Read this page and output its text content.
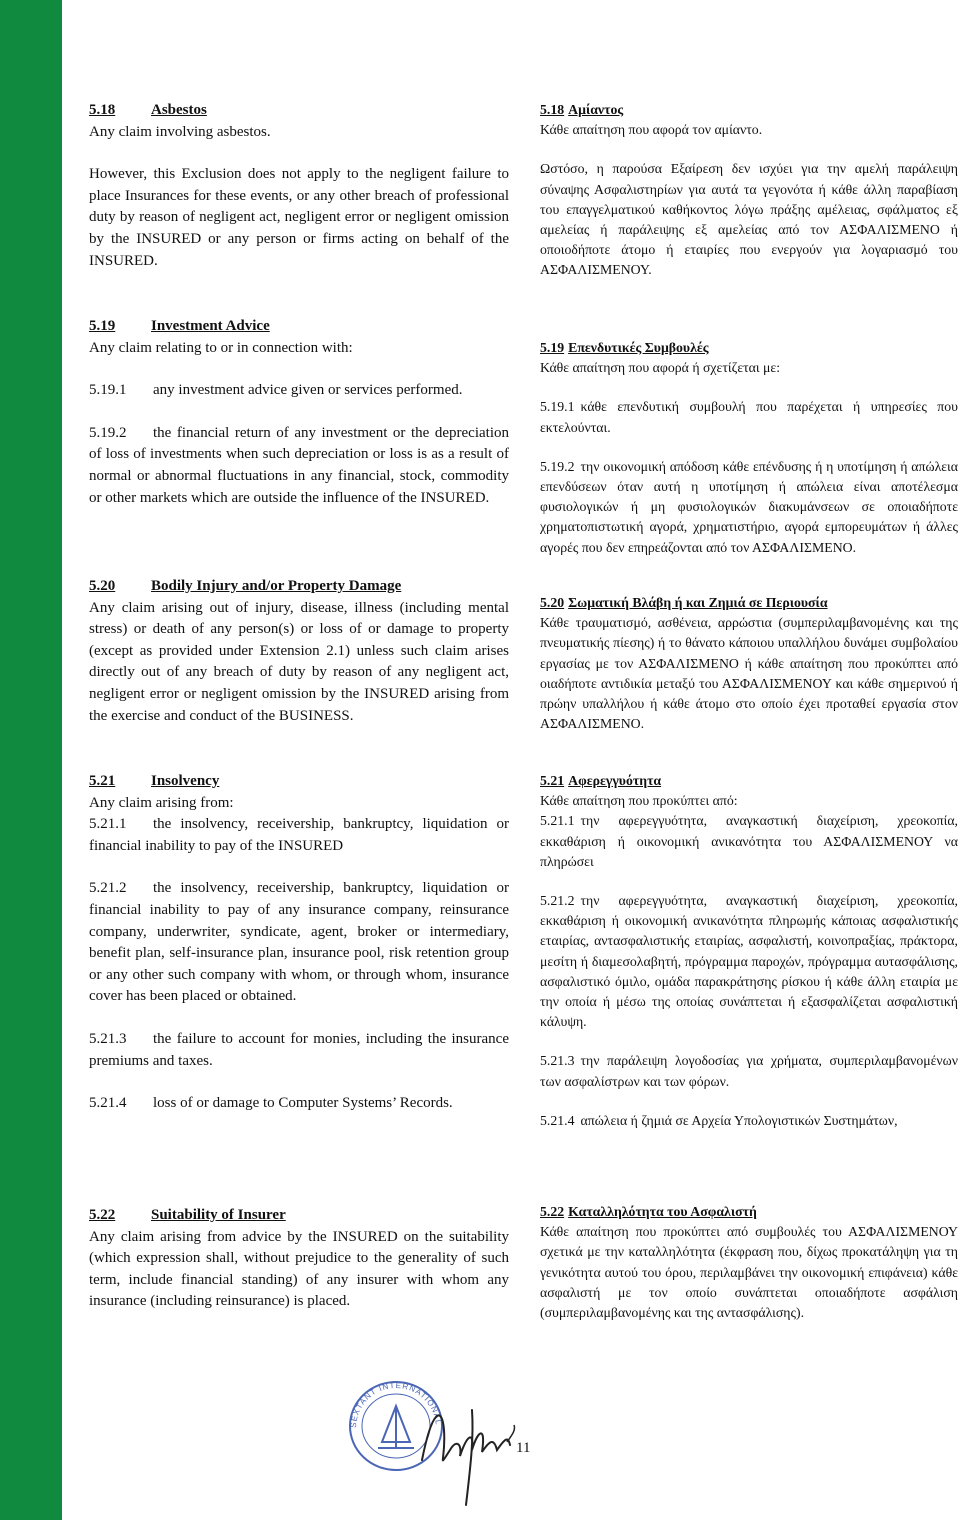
5.18 Asbestos

Any claim involving asbestos.

However, this Exclusion does not apply to the negligent failure to place Insurances for these events, or any other breach of professional duty by reason of negligent act, negligent error or negligent omission by the INSURED or any person or firms acting on behalf of the INSURED.

5.19 Investment Advice

Any claim relating to or in connection with:

5.19.1 any investment advice given or services performed.

5.19.2 the financial return of any investment or the depreciation of loss of investments when such depreciation or loss is as a result of normal or abnormal fluctuations in any financial, stock, commodity or other markets which are outside the influence of the INSURED.

5.20 Bodily Injury and/or Property Damage

Any claim arising out of injury, disease, illness (including mental stress) or death of any person(s) or loss of or damage to property (except as provided under Extension 2.1) unless such claim arises directly out of any breach of duty by reason of any negligent act, negligent error or negligent omission by the INSURED arising from the exercise and conduct of the BUSINESS.

5.21 Insolvency

Any claim arising from:

5.21.1 the insolvency, receivership, bankruptcy, liquidation or financial inability to pay of the INSURED

5.21.2 the insolvency, receivership, bankruptcy, liquidation or financial inability to pay of any insurance company, reinsurance company, underwriter, syndicate, agent, broker or intermediary, benefit plan, self-insurance plan, insurance pool, risk retention group or any other such company with whom, or through whom, insurance cover has been placed or obtained.

5.21.3 the failure to account for monies, including the insurance premiums and taxes.

5.21.4 loss of or damage to Computer Systems’ Records.

5.22 Suitability of Insurer

Any claim arising from advice by the INSURED on the suitability (which expression shall, without prejudice to the generality of such term, include financial standing) of any insurer with whom any insurance (including reinsurance) is placed.

5.18 Αμίαντος

Κάθε απαίτηση που αφορά τον αμίαντο.

Ωστόσο, η παρούσα Εξαίρεση δεν ισχύει για την αμελή παράλειψη σύναψης Ασφαλιστηρίων για αυτά τα γεγονότα ή κάθε άλλη παραβίαση του επαγγελματικού καθήκοντος λόγω πράξης αμέλειας, σφάλματος εξ αμελείας ή παράλειψης εξ αμελείας από τον ΑΣΦΑΛΙΣΜΕΝΟ ή οποιοδήποτε άτομο ή εταιρίες που ενεργούν για λογαριασμό του ΑΣΦΑΛΙΣΜΕΝΟΥ.

5.19 Επενδυτικές Συμβουλές

Κάθε απαίτηση που αφορά ή σχετίζεται με:

5.19.1 κάθε επενδυτική συμβουλή που παρέχεται ή υπηρεσίες που εκτελούνται.

5.19.2 την οικονομική απόδοση κάθε επένδυσης ή η υποτίμηση ή απώλεια επενδύσεων όταν αυτή η υποτίμηση ή απώλεια είναι αποτέλεσμα φυσιολογικών ή μη φυσιολογικών διακυμάνσεων σε οποιαδήποτε χρηματοπιστωτική αγορά, χρηματιστήριο, αγορά εμπορευμάτων ή άλλες αγορές που δεν επηρεάζονται από τον ΑΣΦΑΛΙΣΜΕΝΟ.

5.20 Σωματική Βλάβη ή και Ζημιά σε Περιουσία

Κάθε τραυματισμό, ασθένεια, αρρώστια (συμπεριλαμβανομένης και της πνευματικής πίεσης) ή το θάνατο κάποιου υπαλλήλου δυνάμει συμβολαίου εργασίας με τον ΑΣΦΑΛΙΣΜΕΝΟ ή κάθε απαίτηση που προκύπτει από οιαδήποτε αντιδικία μεταξύ του ΑΣΦΑΛΙΣΜΕΝΟΥ και κάθε σημερινού ή πρώην υπαλλήλου ή κάθε άτομο στο οποίο έχει προταθεί εργασία στον ΑΣΦΑΛΙΣΜΕΝΟ.

5.21 Αφερεγγυότητα

Κάθε απαίτηση που προκύπτει από:

5.21.1 την αφερεγγυότητα, αναγκαστική διαχείριση, χρεοκοπία, εκκαθάριση ή οικονομική ανικανότητα του ΑΣΦΑΛΙΣΜΕΝΟΥ να πληρώσει

5.21.2 την αφερεγγυότητα, αναγκαστική διαχείριση, χρεοκοπία, εκκαθάριση ή οικονομική ανικανότητα πληρωμής κάποιας ασφαλιστικής εταιρίας, αντασφαλιστικής εταιρίας, ασφαλιστή, κοινοπραξίας, πράκτορα, μεσίτη ή διαμεσολαβητή, πρόγραμμα παροχών, πρόγραμμα αυτασφάλισης, ασφαλιστικό όμιλο, ομάδα παρακράτησης ρίσκου ή κάθε άλλη εταιρία με την οποία ή μέσω της οποίας συνάπτεται ή εξασφαλίζεται ασφαλιστική κάλυψη.

5.21.3 την παράλειψη λογοδοσίας για χρήματα, συμπεριλαμβανομένων των ασφαλίστρων και των φόρων.

5.21.4 απώλεια ή ζημιά σε Αρχεία Υπολογιστικών Συστημάτων,

5.22 Καταλληλότητα του Ασφαλιστή

Κάθε απαίτηση που προκύπτει από συμβουλές του ΑΣΦΑΛΙΣΜΕΝΟΥ σχετικά με την καταλληλότητα (έκφραση που, δίχως προκατάληψη για τη γενικότητα αυτού του όρου, περιλαμβάνει την οικονομική επιφάνεια) κάθε ασφαλιστή με τον οποίο συνάπτεται οποιαδήποτε ασφάλιση (συμπεριλαμβανομένης και της αντασφάλισης).

SEXTANT INTERNATIONAL
11
